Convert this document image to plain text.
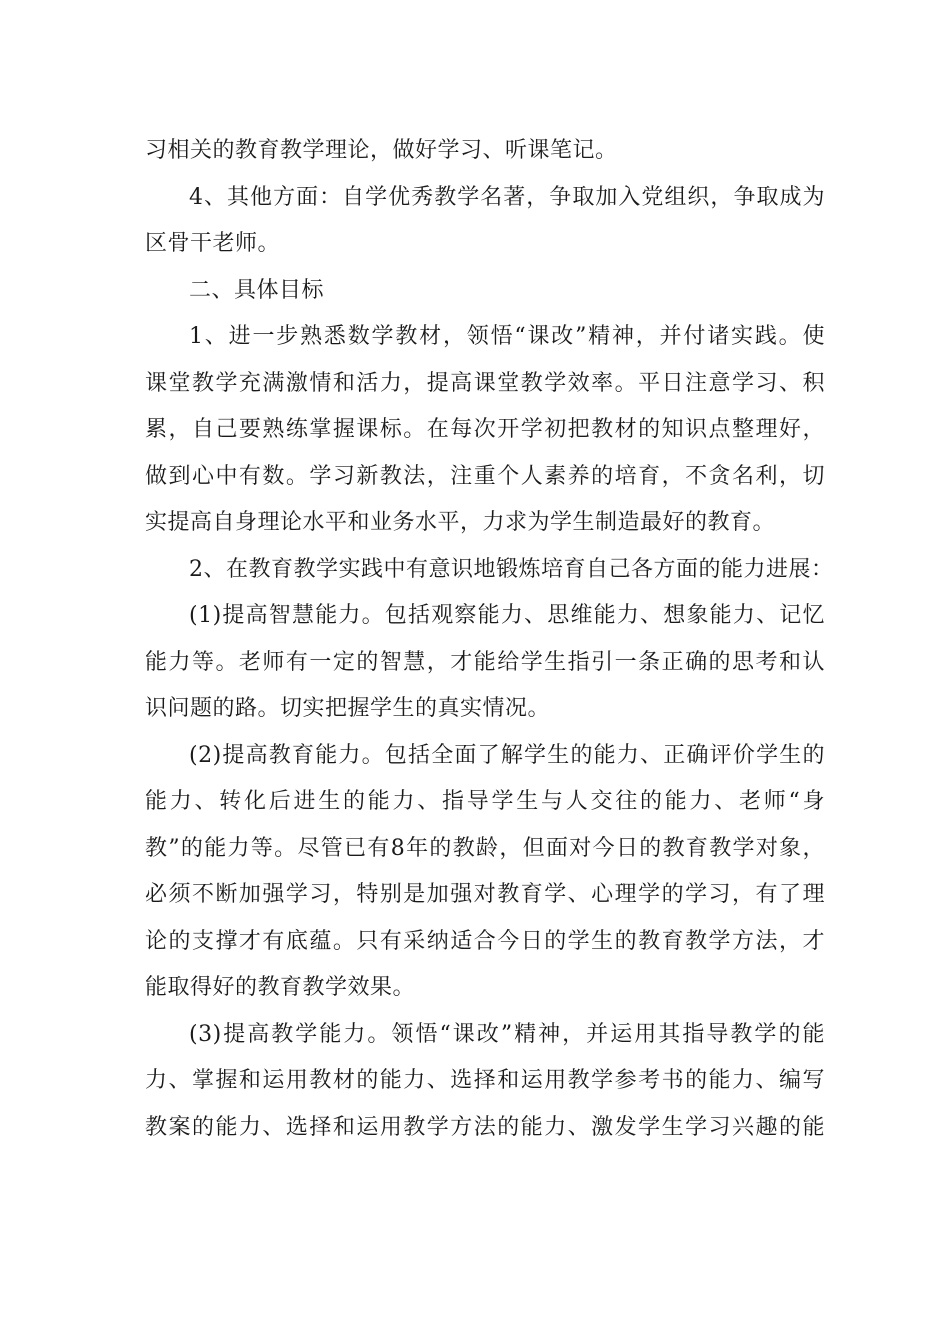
习相关的教育教学理论，做好学习、听课笔记。
4、其他方面：自学优秀教学名著，争取加入党组织，争取成为
区骨干老师。
二、具体目标
1、进一步熟悉数学教材，领悟“课改”精神，并付诸实践。使
课堂教学充满激情和活力，提高课堂教学效率。平日注意学习、积
累，自己要熟练掌握课标。在每次开学初把教材的知识点整理好，
做到心中有数。学习新教法，注重个人素养的培育，不贪名利，切
实提高自身理论水平和业务水平，力求为学生制造最好的教育。
2、在教育教学实践中有意识地锻炼培育自己各方面的能力进展：
(1)提高智慧能力。包括观察能力、思维能力、想象能力、记忆
能力等。老师有一定的智慧，才能给学生指引一条正确的思考和认
识问题的路。切实把握学生的真实情况。
(2)提高教育能力。包括全面了解学生的能力、正确评价学生的
能力、转化后进生的能力、指导学生与人交往的能力、老师“身
教”的能力等。尽管已有8年的教龄，但面对今日的教育教学对象，
必须不断加强学习，特别是加强对教育学、心理学的学习，有了理
论的支撑才有底蕴。只有采纳适合今日的学生的教育教学方法，才
能取得好的教育教学效果。
(3)提高教学能力。领悟“课改”精神，并运用其指导教学的能
力、掌握和运用教材的能力、选择和运用教学参考书的能力、编写
教案的能力、选择和运用教学方法的能力、激发学生学习兴趣的能
